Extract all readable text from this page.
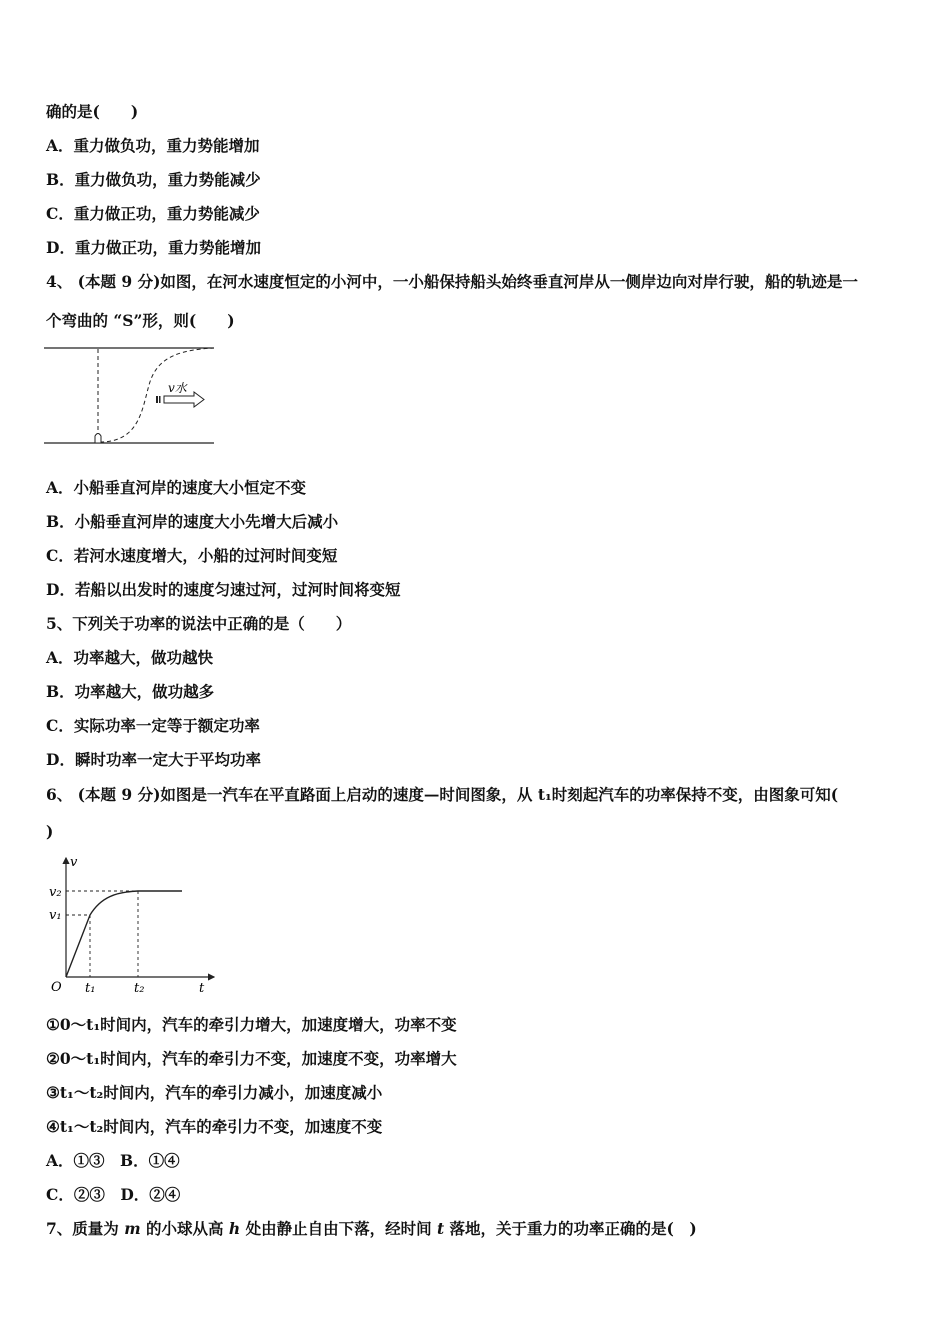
确的是(　　)
A．重力做负功，重力势能增加
B．重力做负功，重力势能减少
C．重力做正功，重力势能减少
D．重力做正功，重力势能增加
4、 (本题 9 分)如图，在河水速度恒定的小河中，一小船保持船头始终垂直河岸从一侧岸边向对岸行驶，船的轨迹是一
个弯曲的 “S”形，则(　　)
v水
A．小船垂直河岸的速度大小恒定不变
B．小船垂直河岸的速度大小先增大后减小
C．若河水速度增大，小船的过河时间变短
D．若船以出发时的速度匀速过河，过河时间将变短
5、下列关于功率的说法中正确的是（　　）
A．功率越大，做功越快
B．功率越大，做功越多
C．实际功率一定等于额定功率
D．瞬时功率一定大于平均功率
6、 (本题 9 分)如图是一汽车在平直路面上启动的速度—时间图象，从 t₁时刻起汽车的功率保持不变，由图象可知(
)
v
t
O
v₁
v₂
t₁	t₂
①0～t₁时间内，汽车的牵引力增大，加速度增大，功率不变
②0～t₁时间内，汽车的牵引力不变，加速度不变，功率增大
③t₁～t₂时间内，汽车的牵引力减小，加速度减小
④t₁～t₂时间内，汽车的牵引力不变，加速度不变
A．①③　B．①④
C．②③　D．②④
7、质量为 m 的小球从高 h 处由静止自由下落，经时间 t 落地，关于重力的功率正确的是(　)
